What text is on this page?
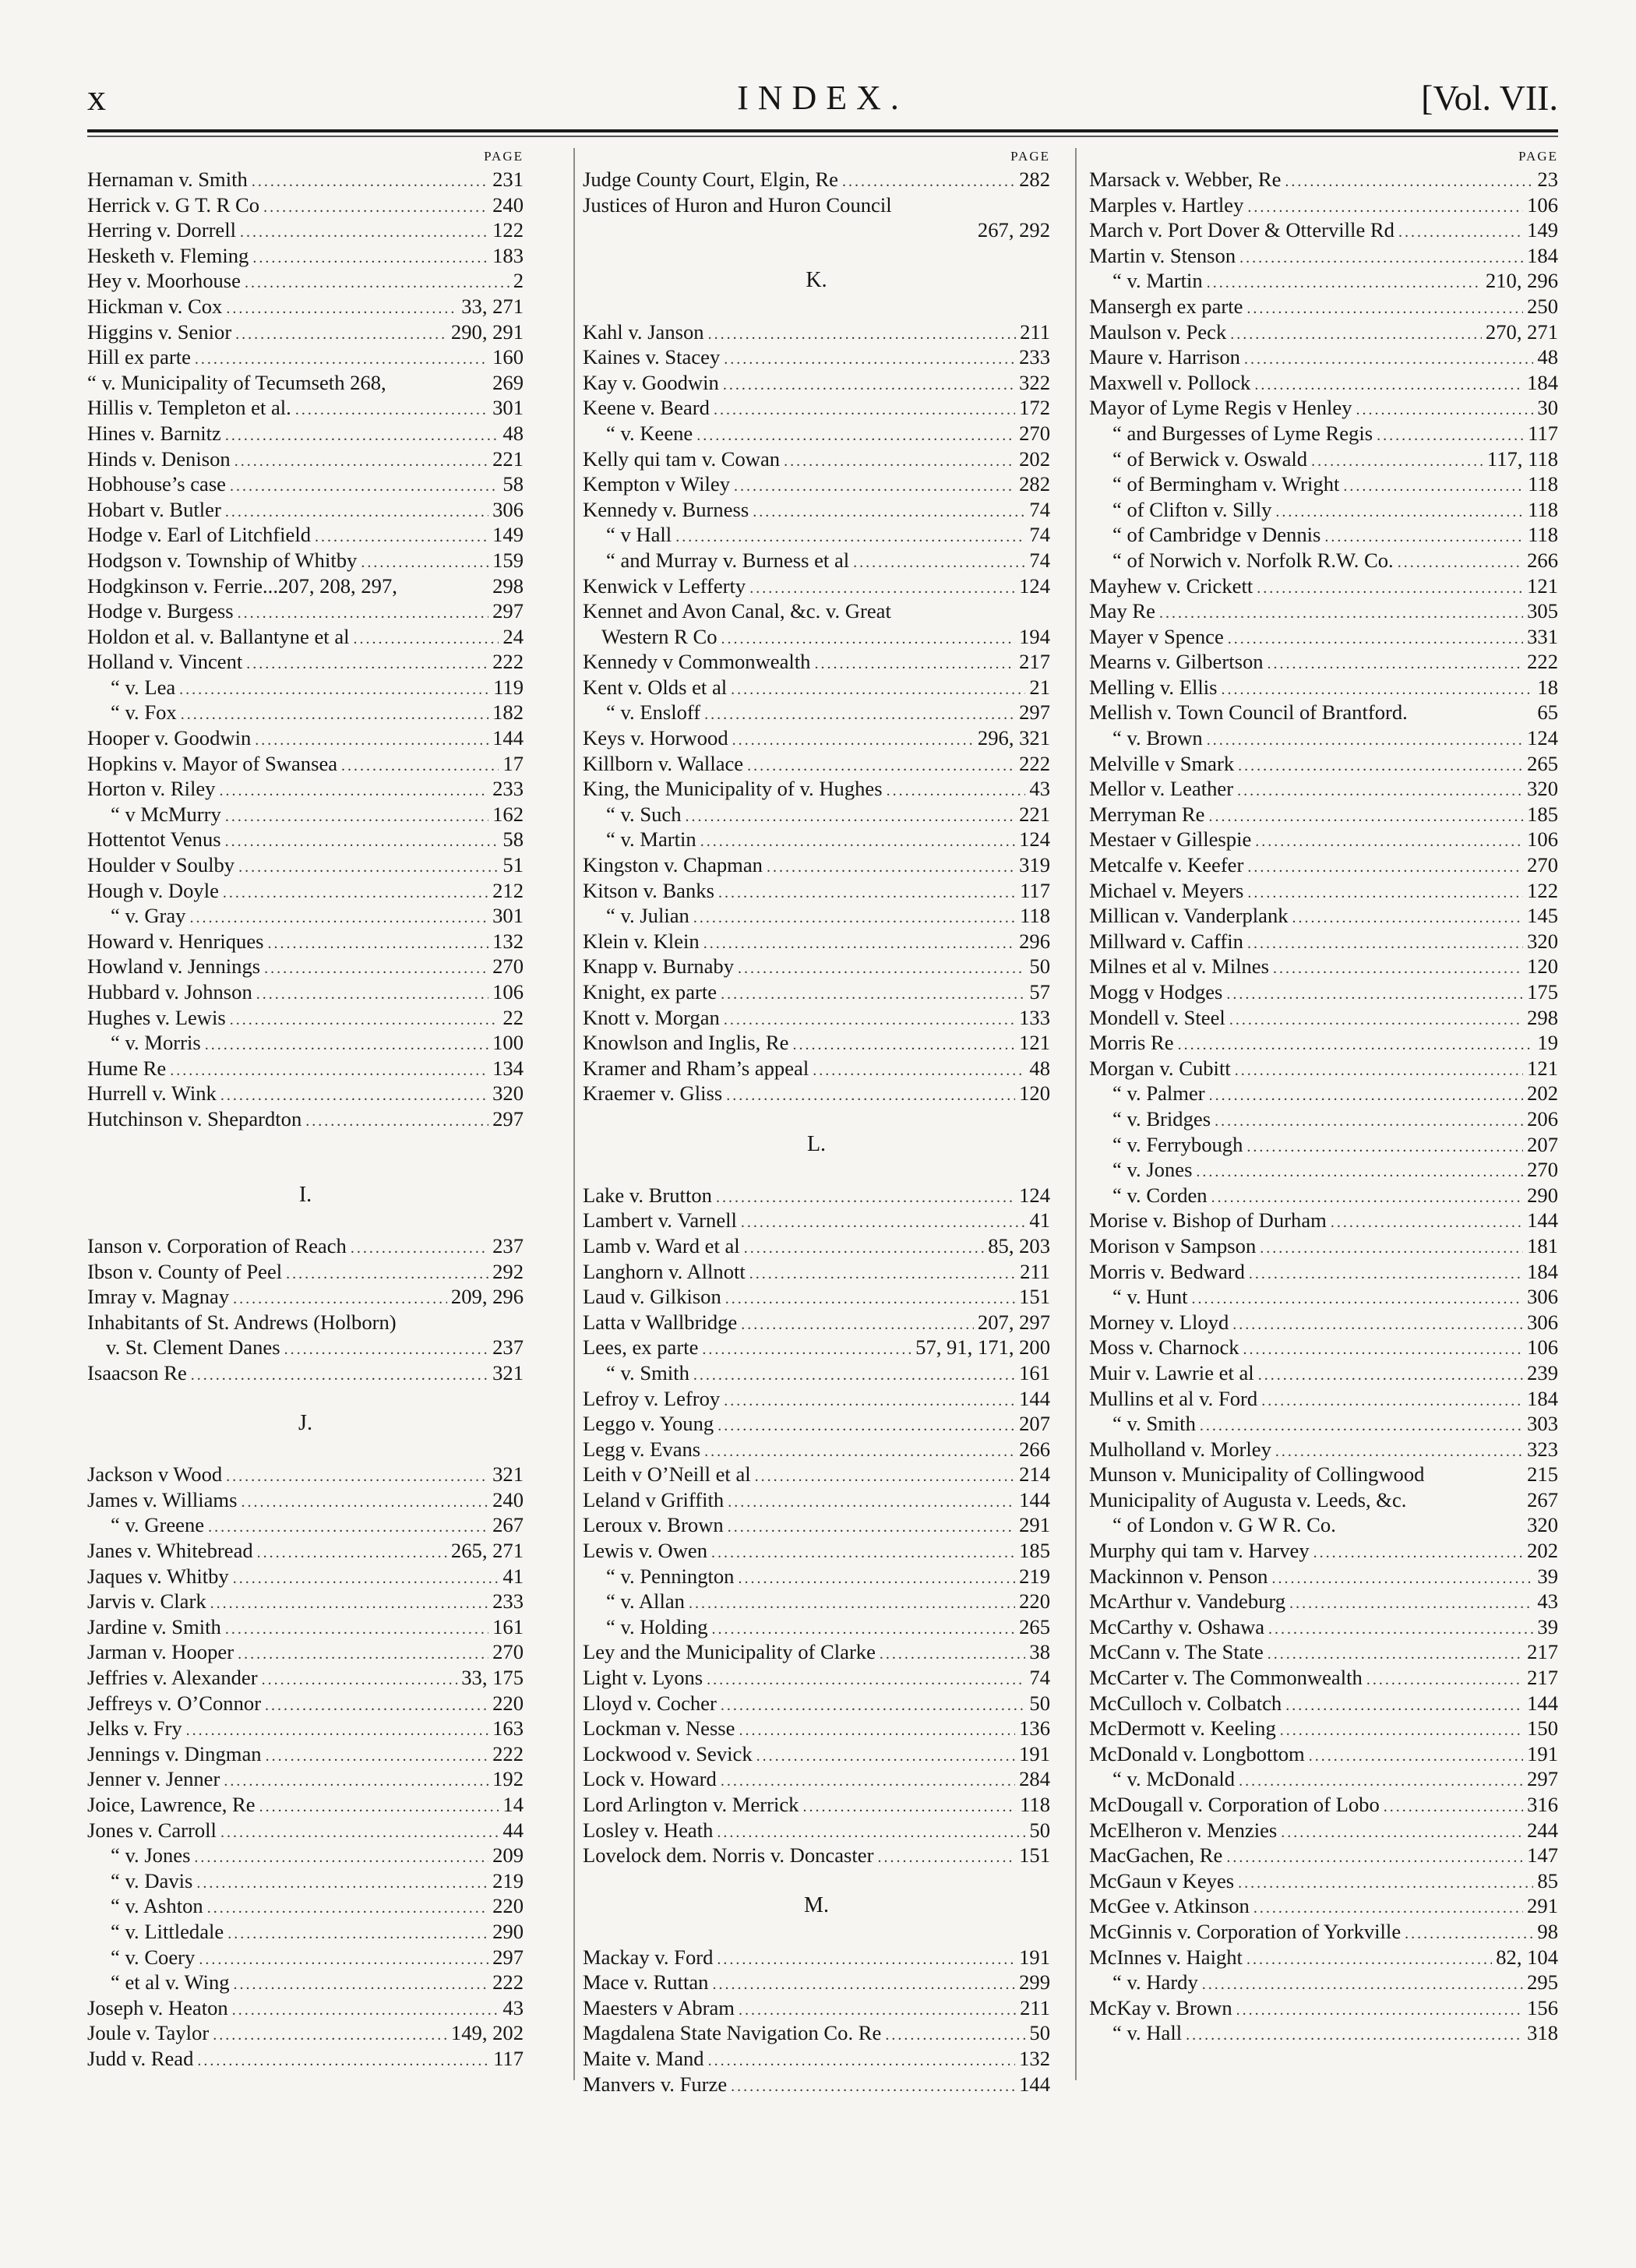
x	INDEX.	[Vol. VII.
PAGE
Hernaman v. Smith .....	231
Herrick v. G T. R Co .....	240
Herring v. Dorrell .....	122
Hesketh v. Fleming .....	183
Hey v. Moorhouse .....	2
Hickman v. Cox .....	33, 271
Higgins v. Senior .....	290, 291
Hill ex parte .....	160
“ v. Municipality of Tecumseth 268,	269
Hillis v. Templeton et al. .....	301
Hines v. Barnitz .....	48
Hinds v. Denison .....	221
Hobhouse’s case .....	58
Hobart v. Butler .....	306
Hodge v. Earl of Litchfield .....	149
Hodgson v. Township of Whitby .....	159
Hodgkinson v. Ferrie...207, 208, 297,	298
Hodge v. Burgess .....	297
Holdon et al. v. Ballantyne et al .....	24
Holland v. Vincent .....	222
“ v. Lea .....	119
“ v. Fox .....	182
Hooper v. Goodwin .....	144
Hopkins v. Mayor of Swansea .....	17
Horton v. Riley .....	233
“ v McMurry .....	162
Hottentot Venus .....	58
Houlder v Soulby .....	51
Hough v. Doyle .....	212
“ v. Gray .....	301
Howard v. Henriques .....	132
Howland v. Jennings .....	270
Hubbard v. Johnson .....	106
Hughes v. Lewis .....	22
“ v. Morris .....	100
Hume Re .....	134
Hurrell v. Wink .....	320
Hutchinson v. Shepardton .....	297
I.
Ianson v. Corporation of Reach .....	237
Ibson v. County of Peel .....	292
Imray v. Magnay .....	209, 296
Inhabitants of St. Andrews (Holborn)
v. St. Clement Danes .....	237
Isaacson Re .....	321
J.
Jackson v Wood .....	321
James v. Williams .....	240
“ v. Greene .....	267
Janes v. Whitebread .....	265, 271
Jaques v. Whitby .....	41
Jarvis v. Clark .....	233
Jardine v. Smith .....	161
Jarman v. Hooper .....	270
Jeffries v. Alexander .....	33, 175
Jeffreys v. O’Connor .....	220
Jelks v. Fry .....	163
Jennings v. Dingman .....	222
Jenner v. Jenner .....	192
Joice, Lawrence, Re .....	14
Jones v. Carroll .....	44
“ v. Jones .....	209
“ v. Davis .....	219
“ v. Ashton .....	220
“ v. Littledale .....	290
“ v. Coery .....	297
“ et al v. Wing .....	222
Joseph v. Heaton .....	43
Joule v. Taylor .....	149, 202
Judd v. Read .....	117
PAGE
Judge County Court, Elgin, Re .....	282
Justices of Huron and Huron Council
267, 292
K.
Kahl v. Janson .....	211
Kaines v. Stacey .....	233
Kay v. Goodwin .....	322
Keene v. Beard .....	172
“ v. Keene .....	270
Kelly qui tam v. Cowan .....	202
Kempton v Wiley .....	282
Kennedy v. Burness .....	74
“ v Hall .....	74
“ and Murray v. Burness et al .....	74
Kenwick v Lefferty .....	124
Kennet and Avon Canal, &c. v. Great
Western R Co .....	194
Kennedy v Commonwealth .....	217
Kent v. Olds et al .....	21
“ v. Ensloff .....	297
Keys v. Horwood .....	296, 321
Killborn v. Wallace .....	222
King, the Municipality of v. Hughes .....	43
“ v. Such .....	221
“ v. Martin .....	124
Kingston v. Chapman .....	319
Kitson v. Banks .....	117
“ v. Julian .....	118
Klein v. Klein .....	296
Knapp v. Burnaby .....	50
Knight, ex parte .....	57
Knott v. Morgan .....	133
Knowlson and Inglis, Re .....	121
Kramer and Rham’s appeal .....	48
Kraemer v. Gliss .....	120
L.
Lake v. Brutton .....	124
Lambert v. Varnell .....	41
Lamb v. Ward et al .....	85, 203
Langhorn v. Allnott .....	211
Laud v. Gilkison .....	151
Latta v Wallbridge .....	207, 297
Lees, ex parte .....	57, 91, 171, 200
“ v. Smith .....	161
Lefroy v. Lefroy .....	144
Leggo v. Young .....	207
Legg v. Evans .....	266
Leith v O’Neill et al .....	214
Leland v Griffith .....	144
Leroux v. Brown .....	291
Lewis v. Owen .....	185
“ v. Pennington .....	219
“ v. Allan .....	220
“ v. Holding .....	265
Ley and the Municipality of Clarke .....	38
Light v. Lyons .....	74
Lloyd v. Cocher .....	50
Lockman v. Nesse .....	136
Lockwood v. Sevick .....	191
Lock v. Howard .....	284
Lord Arlington v. Merrick .....	118
Losley v. Heath .....	50
Lovelock dem. Norris v. Doncaster .....	151
M.
Mackay v. Ford .....	191
Mace v. Ruttan .....	299
Maesters v Abram .....	211
Magdalena State Navigation Co. Re .....	50
Maite v. Mand .....	132
Manvers v. Furze .....	144
PAGE
Marsack v. Webber, Re .....	23
Marples v. Hartley .....	106
March v. Port Dover & Otterville Rd .....	149
Martin v. Stenson .....	184
“ v. Martin .....	210, 296
Mansergh ex parte .....	250
Maulson v. Peck .....	270, 271
Maure v. Harrison .....	48
Maxwell v. Pollock .....	184
Mayor of Lyme Regis v Henley .....	30
“ and Burgesses of Lyme Regis .....	117
“ of Berwick v. Oswald .....	117, 118
“ of Bermingham v. Wright .....	118
“ of Clifton v. Silly .....	118
“ of Cambridge v Dennis .....	118
“ of Norwich v. Norfolk R.W. Co. .....	266
Mayhew v. Crickett .....	121
May Re .....	305
Mayer v Spence .....	331
Mearns v. Gilbertson .....	222
Melling v. Ellis .....	18
Mellish v. Town Council of Brantford.	65
“ v. Brown .....	124
Melville v Smark .....	265
Mellor v. Leather .....	320
Merryman Re .....	185
Mestaer v Gillespie .....	106
Metcalfe v. Keefer .....	270
Michael v. Meyers .....	122
Millican v. Vanderplank .....	145
Millward v. Caffin .....	320
Milnes et al v. Milnes .....	120
Mogg v Hodges .....	175
Mondell v. Steel .....	298
Morris Re .....	19
Morgan v. Cubitt .....	121
“ v. Palmer .....	202
“ v. Bridges .....	206
“ v. Ferrybough .....	207
“ v. Jones .....	270
“ v. Corden .....	290
Morise v. Bishop of Durham .....	144
Morison v Sampson .....	181
Morris v. Bedward .....	184
“ v. Hunt .....	306
Morney v. Lloyd .....	306
Moss v. Charnock .....	106
Muir v. Lawrie et al .....	239
Mullins et al v. Ford .....	184
“ v. Smith .....	303
Mulholland v. Morley .....	323
Munson v. Municipality of Collingwood	215
Municipality of Augusta v. Leeds, &c.	267
“ of London v. G W R. Co.	320
Murphy qui tam v. Harvey .....	202
Mackinnon v. Penson .....	39
McArthur v. Vandeburg .....	43
McCarthy v. Oshawa .....	39
McCann v. The State .....	217
McCarter v. The Commonwealth .....	217
McCulloch v. Colbatch .....	144
McDermott v. Keeling .....	150
McDonald v. Longbottom .....	191
“ v. McDonald .....	297
McDougall v. Corporation of Lobo .....	316
McElheron v. Menzies .....	244
MacGachen, Re .....	147
McGaun v Keyes .....	85
McGee v. Atkinson .....	291
McGinnis v. Corporation of Yorkville .....	98
McInnes v. Haight .....	82, 104
“ v. Hardy .....	295
McKay v. Brown .....	156
“ v. Hall .....	318
